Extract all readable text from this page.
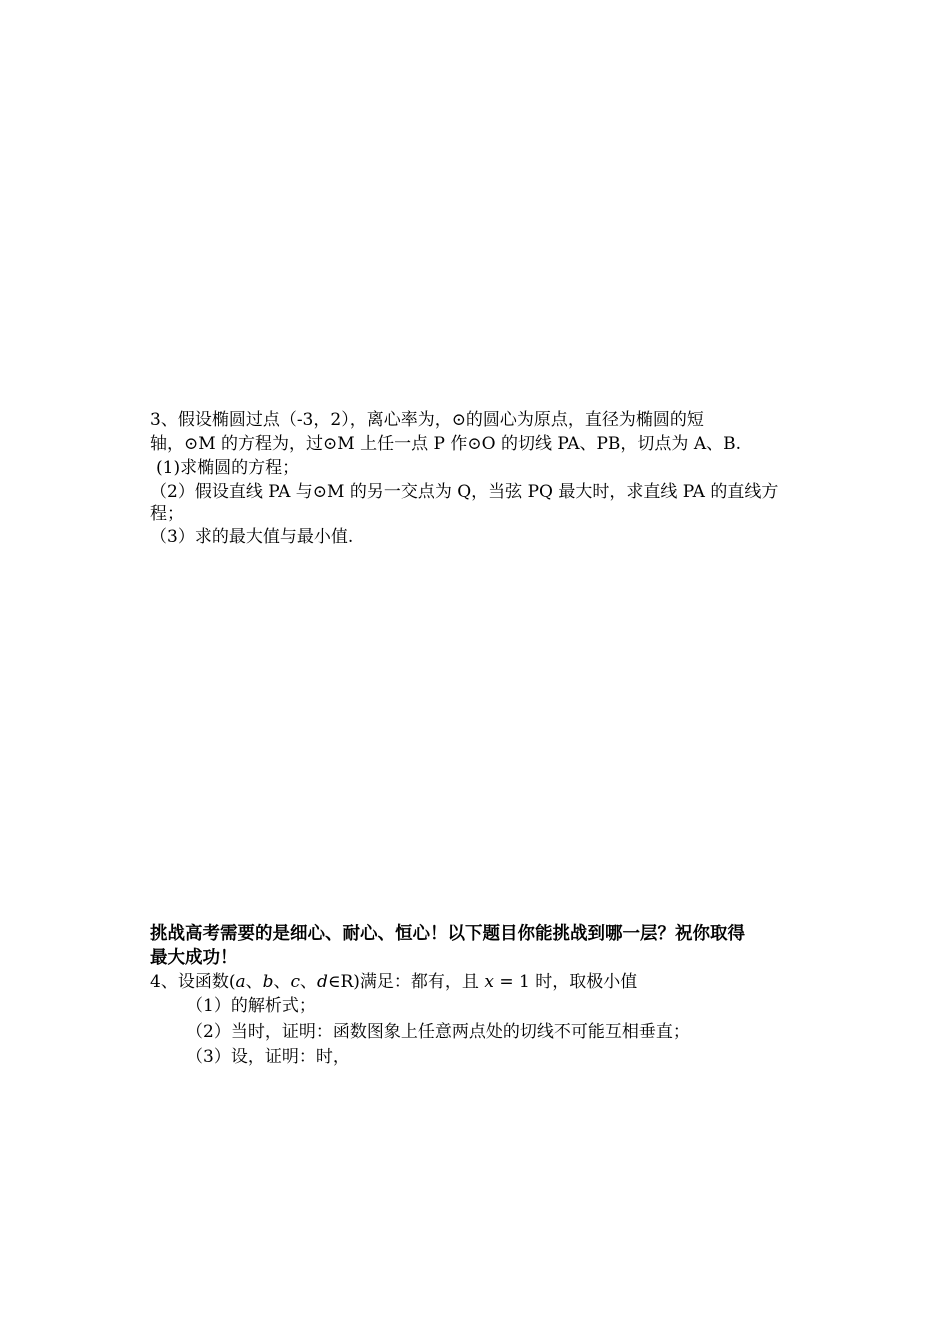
3、假设椭圆过点（-3，2），离心率为，⊙的圆心为原点，直径为椭圆的短
轴，⊙M 的方程为，过⊙M 上任一点 P 作⊙O 的切线 PA、PB，切点为 A、B.
(1)求椭圆的方程；
（2）假设直线 PA 与⊙M 的另一交点为 Q，当弦 PQ 最大时，求直线 PA 的直线方
程；
（3）求的最大值与最小值.
挑战高考需要的是细心、耐心、恒心！以下题目你能挑战到哪一层？祝你取得
最大成功！
4、设函数(a、b、c、d∈R)满足：都有，且 x = 1 时，取极小值
（1）的解析式；
（2）当时，证明：函数图象上任意两点处的切线不可能互相垂直；
（3）设，证明：时，
